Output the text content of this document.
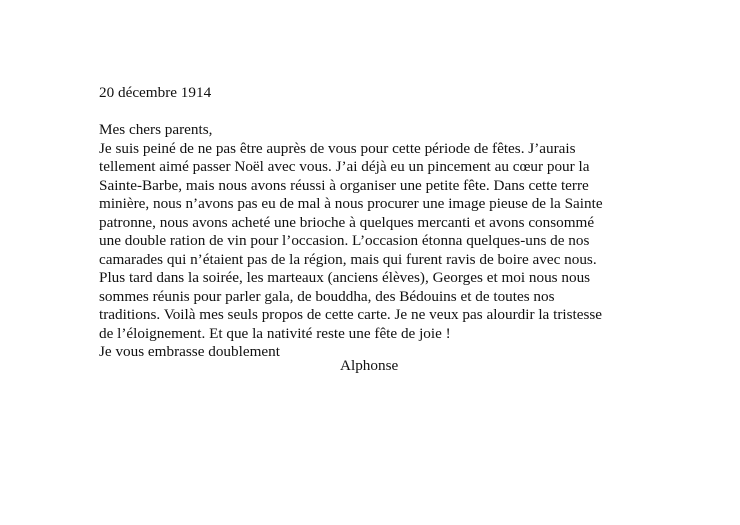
20 décembre 1914
Mes chers parents,
Je suis peiné de ne pas être auprès de vous pour cette période de fêtes. J’aurais
tellement aimé passer Noël avec vous. J’ai déjà eu un pincement au cœur pour la
Sainte-Barbe, mais nous avons réussi à organiser une petite fête. Dans cette terre
minière, nous n’avons pas eu de mal à nous procurer une image pieuse de la Sainte
patronne, nous avons acheté une brioche à quelques mercanti et avons consommé
une double ration de vin pour l’occasion. L’occasion étonna quelques-uns de nos
camarades qui n’étaient pas de la région, mais qui furent ravis de boire avec nous.
Plus tard dans la soirée, les marteaux (anciens élèves), Georges et moi nous nous
sommes réunis pour parler gala, de bouddha, des Bédouins et de toutes nos
traditions. Voilà mes seuls propos de cette carte. Je ne veux pas alourdir la tristesse
de l’éloignement. Et que la nativité reste une fête de joie !
Je vous embrasse doublement
Alphonse
